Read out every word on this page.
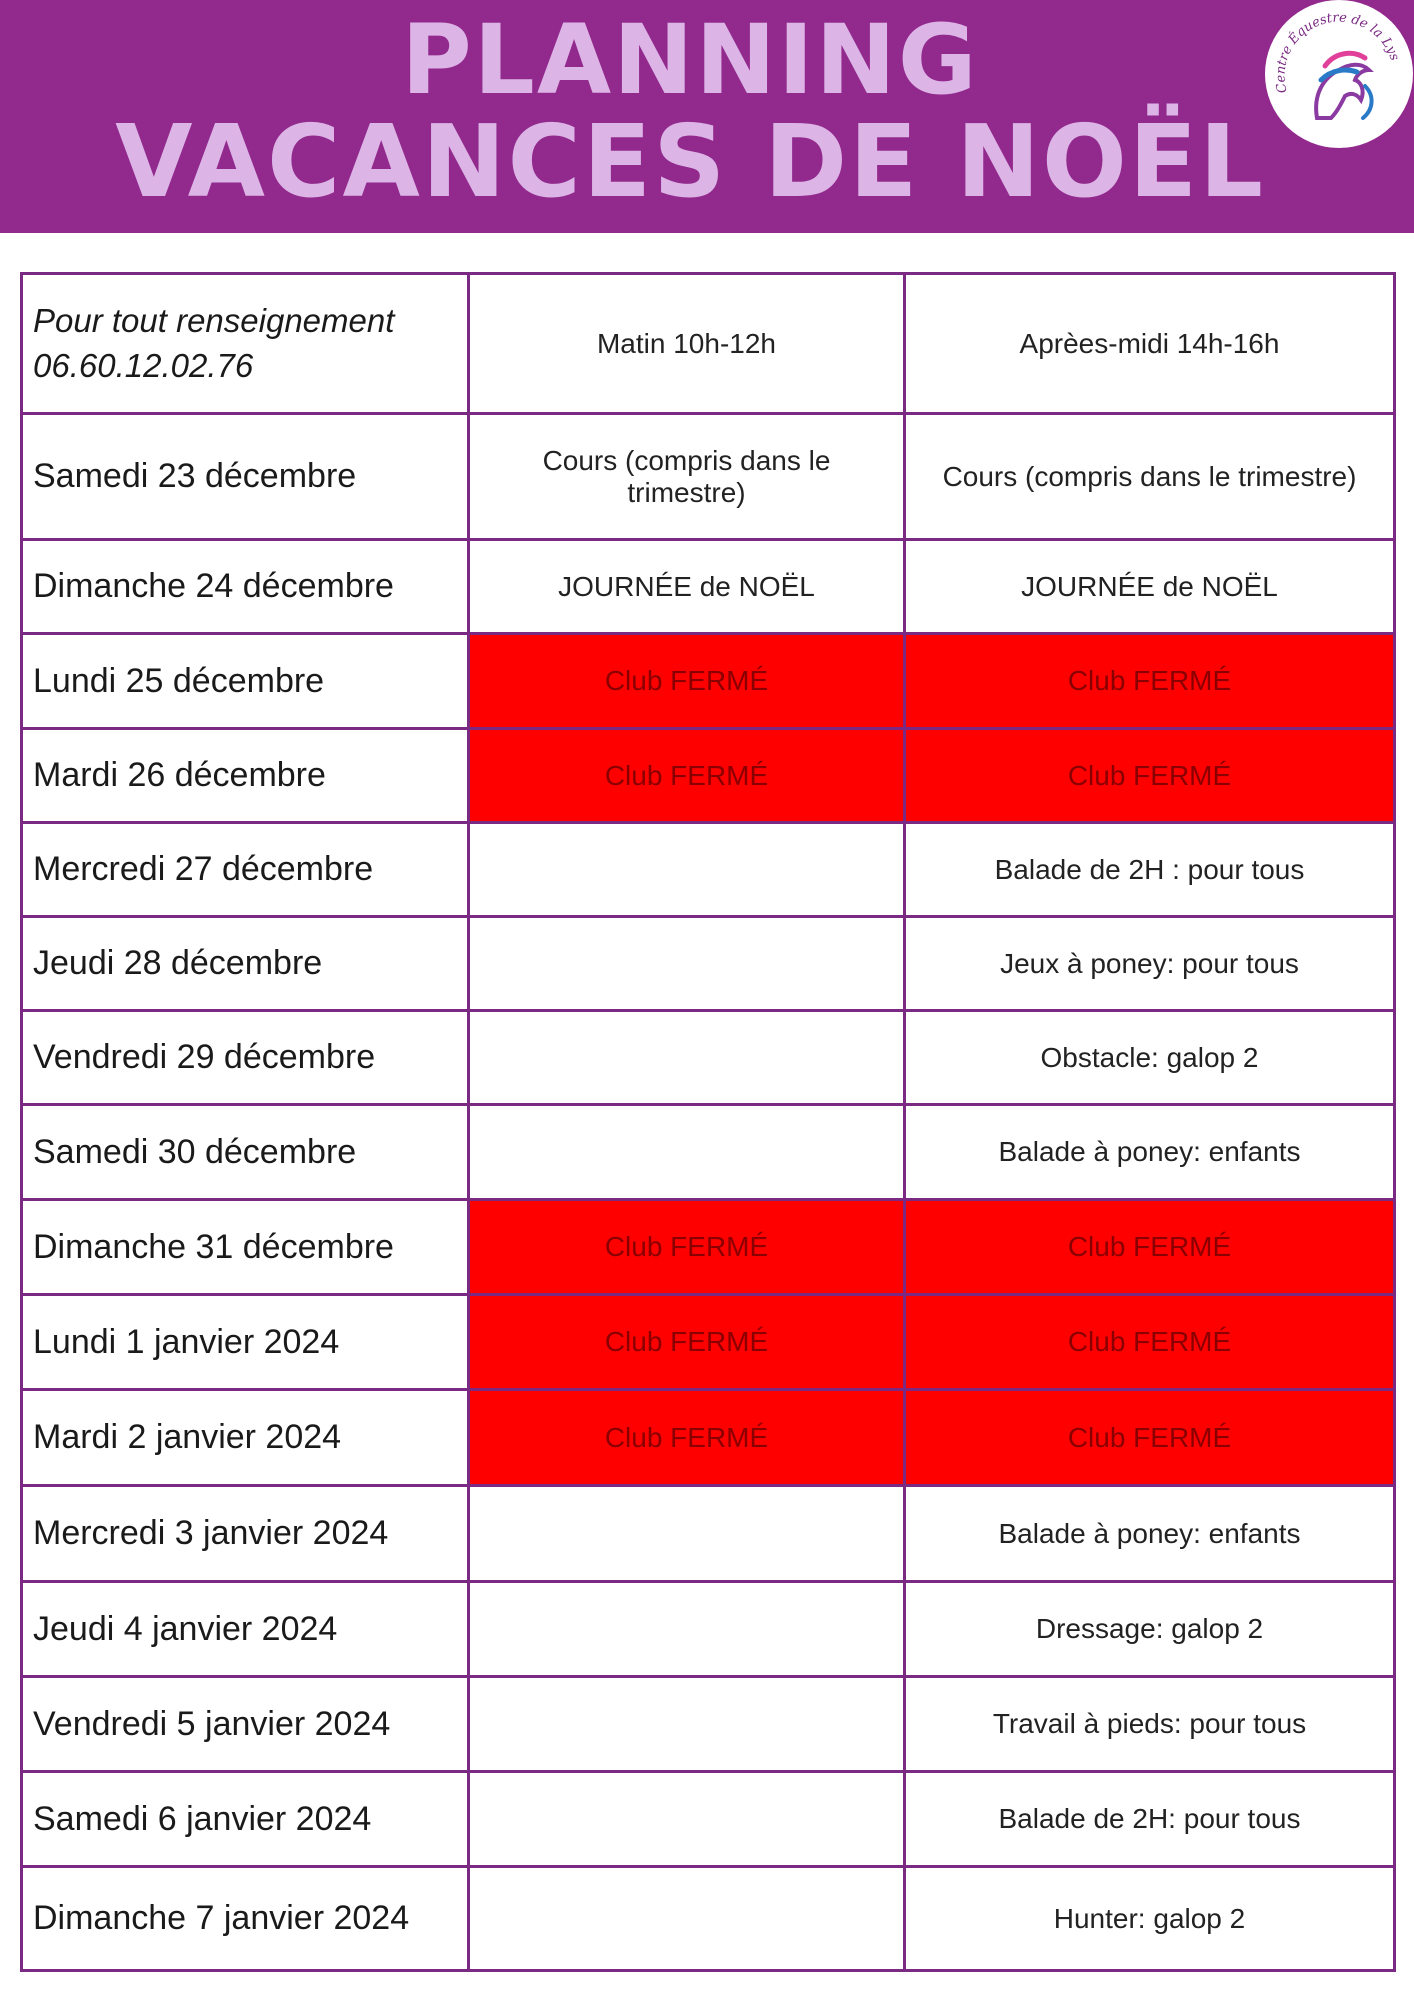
PLANNING
VACANCES DE NOËL
Centre Équestre de la Lys
Pour tout renseignement
06.60.12.02.76	Matin 10h-12h	Aprèes-midi 14h-16h
Samedi 23 décembre	Cours (compris dans le trimestre)	Cours (compris dans le trimestre)
Dimanche 24 décembre	JOURNÉE de NOËL	JOURNÉE de NOËL
Lundi 25 décembre	Club FERMÉ	Club FERMÉ
Mardi 26 décembre	Club FERMÉ	Club FERMÉ
Mercredi 27 décembre		Balade de 2H : pour tous
Jeudi 28 décembre		Jeux à poney: pour tous
Vendredi 29 décembre		Obstacle: galop 2
Samedi 30 décembre		Balade à poney: enfants
Dimanche 31 décembre	Club FERMÉ	Club FERMÉ
Lundi 1 janvier 2024	Club FERMÉ	Club FERMÉ
Mardi 2 janvier 2024	Club FERMÉ	Club FERMÉ
Mercredi 3 janvier 2024		Balade à poney: enfants
Jeudi 4 janvier 2024		Dressage: galop 2
Vendredi 5 janvier 2024		Travail à pieds: pour tous
Samedi 6 janvier 2024		Balade de 2H: pour tous
Dimanche 7 janvier 2024		Hunter: galop 2
